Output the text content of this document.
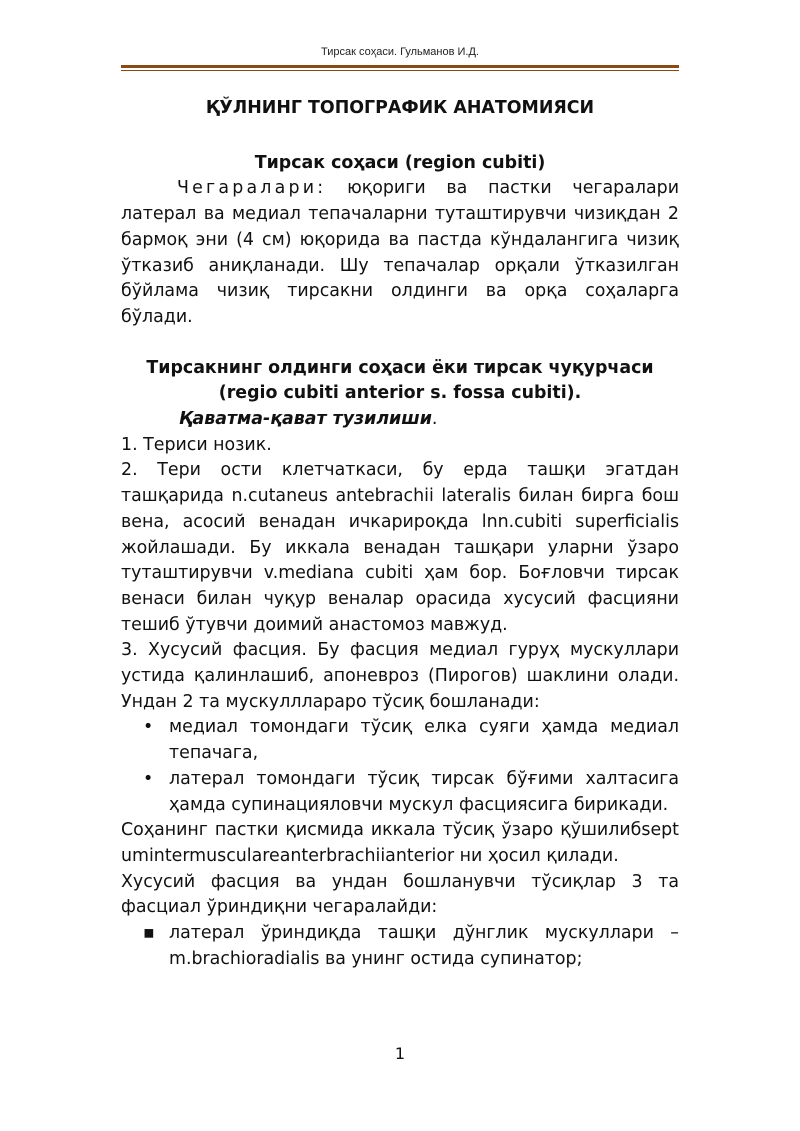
Тирсак соҳаси. Гульманов И.Д.

ҚЎЛНИНГ ТОПОГРАФИК АНАТОМИЯСИ

Тирсак соҳаси (region cubiti)

Чегаралари: юқориги ва пастки чегаралари латерал ва медиал тепачаларни туташтирувчи чизиқдан 2 бармоқ эни (4 см) юқорида ва пастда кўндалангига чизиқ ўтказиб аниқланади. Шу тепачалар орқали ўтказилган бўйлама чизиқ тирсакни олдинги ва орқа соҳаларга бўлади.

Тирсакнинг олдинги соҳаси ёки тирсак чуқурчаси

(regio cubiti anterior s. fossa cubiti).

Қаватма-қават тузилиши.

1. Териси нозик.

2. Тери ости клетчаткаси, бу ерда ташқи эгатдан ташқарида n.cutaneus antebrachii lateralis билан бирга бош вена, асосий венадан ичкарироқда lnn.cubiti superficialis жойлашади. Бу иккала венадан ташқари уларни ўзаро туташтирувчи v.mediana cubiti ҳам бор. Боғловчи тирсак венаси билан чуқур веналар орасида хусусий фасцияни тешиб ўтувчи доимий анастомоз мавжуд.

3. Хусусий фасция. Бу фасция медиал гуруҳ мускуллари устида қалинлашиб, апоневроз (Пирогов) шаклини олади. Ундан 2 та мускулллараро тўсиқ бошланади:

• медиал томондаги тўсиқ елка суяги ҳамда медиал тепачага,
• латерал томондаги тўсиқ тирсак бўғими халтасига ҳамда супинацияловчи мускул фасциясига бирикади.

Соҳанинг пастки қисмида иккала тўсиқ ўзаро қўшилибseptumintermusculareanterbrachiianterior ни ҳосил қилади.

Хусусий фасция ва ундан бошланувчи тўсиқлар 3 та фасциал ўриндиқни чегаралайди:

▪ латерал ўриндиқда ташқи дўнглик мускуллари – m.brachioradialis ва унинг остида супинатор;
1
